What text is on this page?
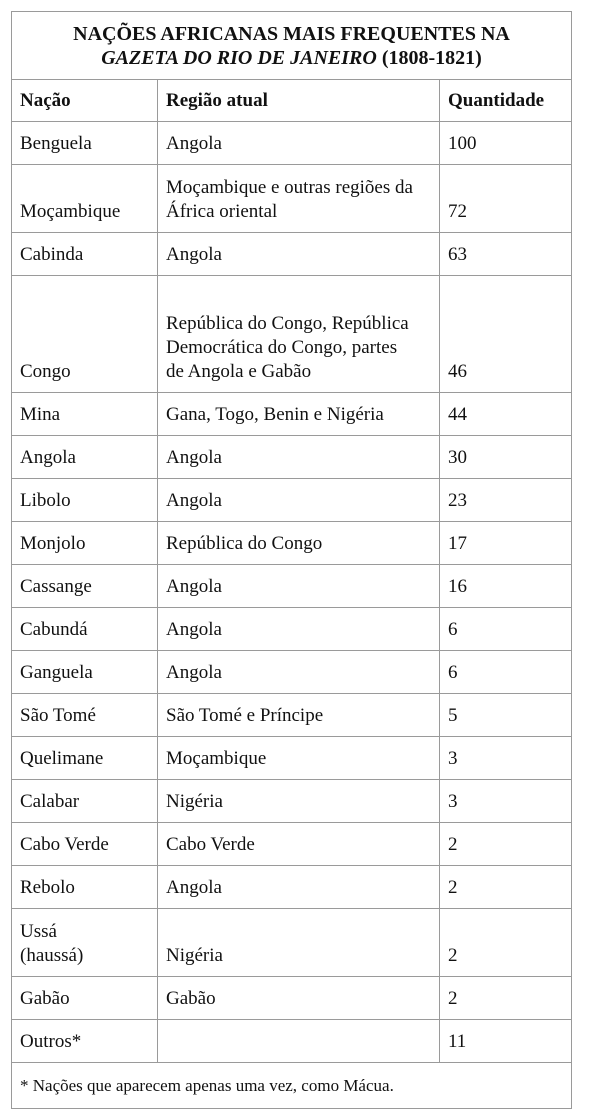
NAÇÕES AFRICANAS MAIS FREQUENTES NA
GAZETA DO RIO DE JANEIRO (1808-1821)		
Nação	Região atual	Quantidade
Benguela	Angola	100
Moçambique	Moçambique e outras regiões da África oriental	72
Cabinda	Angola	63
Congo	República do Congo, República Democrática do Congo, partes de Angola e Gabão	46
Mina	Gana, Togo, Benin e Nigéria	44
Angola	Angola	30
Libolo	Angola	23
Monjolo	República do Congo	17
Cassange	Angola	16
Cabundá	Angola	6
Ganguela	Angola	6
São Tomé	São Tomé e Príncipe	5
Quelimane	Moçambique	3
Calabar	Nigéria	3
Cabo Verde	Cabo Verde	2
Rebolo	Angola	2
Ussá (haussá)	Nigéria	2
Gabão	Gabão	2
Outros*		11
* Nações que aparecem apenas uma vez, como Mácua.		
